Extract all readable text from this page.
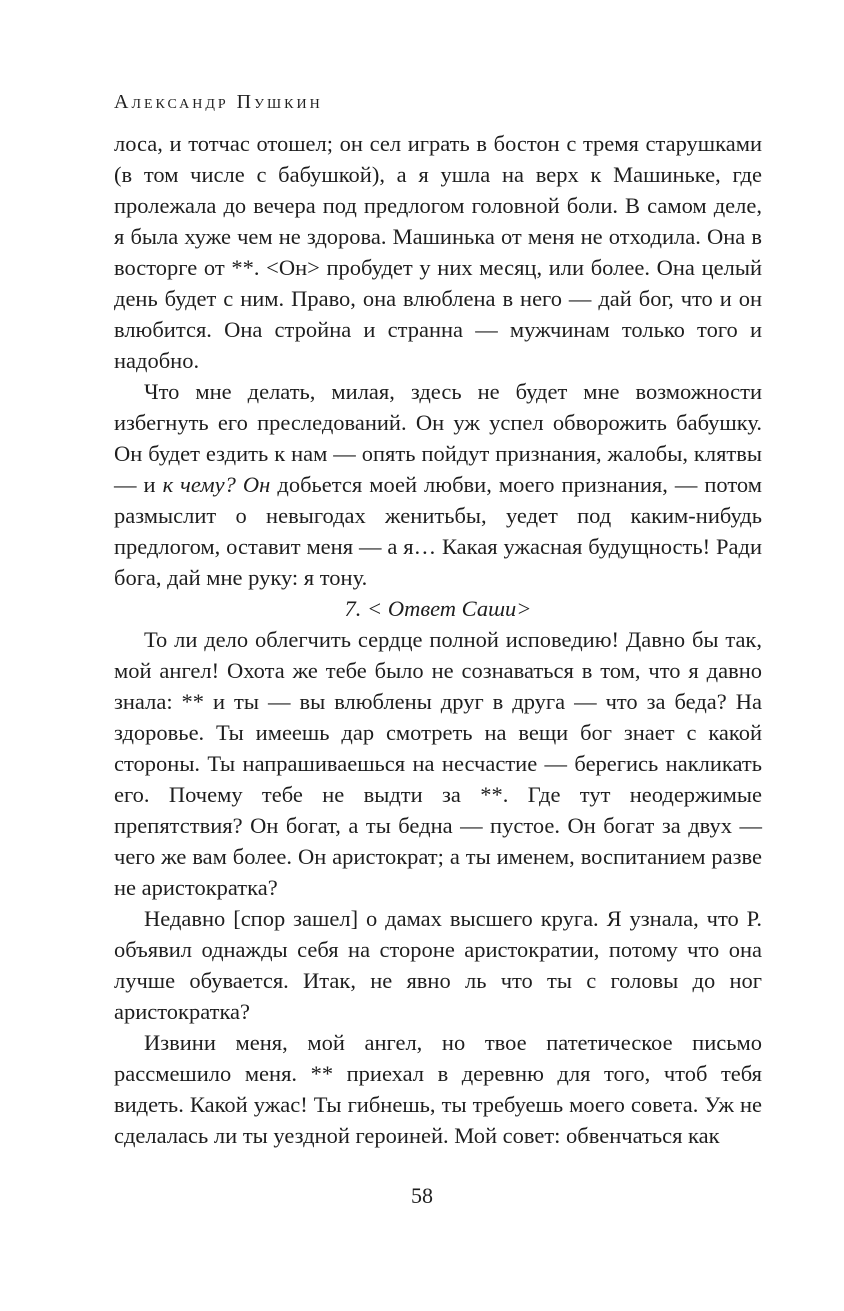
Александр Пушкин

лоса, и тотчас отошел; он сел играть в бостон с тремя старушками (в том числе с бабушкой), а я ушла на верх к Машиньке, где пролежала до вечера под предлогом головной боли. В самом деле, я была хуже чем не здорова. Машинька от меня не отходила. Она в восторге от **. <Он> пробудет у них месяц, или более. Она целый день будет с ним. Право, она влюблена в него — дай бог, что и он влюбится. Она стройна и странна — мужчинам только того и надобно.

Что мне делать, милая, здесь не будет мне возможности избегнуть его преследований. Он уж успел обворожить бабушку. Он будет ездить к нам — опять пойдут признания, жалобы, клятвы — и к чему? Он добьется моей любви, моего признания, — потом размыслит о невыгодах женитьбы, уедет под каким-нибудь предлогом, оставит меня — а я… Какая ужасная будущность! Ради бога, дай мне руку: я тону.

7. < Ответ Саши>

То ли дело облегчить сердце полной исповедию! Давно бы так, мой ангел! Охота же тебе было не сознаваться в том, что я давно знала: ** и ты — вы влюблены друг в друга — что за беда? На здоровье. Ты имеешь дар смотреть на вещи бог знает с какой стороны. Ты напрашиваешься на несчастие — берегись накликать его. Почему тебе не выдти за **. Где тут неодержимые препятствия? Он богат, а ты бедна — пустое. Он богат за двух — чего же вам более. Он аристократ; а ты именем, воспитанием разве не аристократка?

Недавно [спор зашел] о дамах высшего круга. Я узнала, что Р. объявил однажды себя на стороне аристократии, потому что она лучше обувается. Итак, не явно ль что ты с головы до ног аристократка?

Извини меня, мой ангел, но твое патетическое письмо рассмешило меня. ** приехал в деревню для того, чтоб тебя видеть. Какой ужас! Ты гибнешь, ты требуешь моего совета. Уж не сделалась ли ты уездной героиней. Мой совет: обвенчаться как

58
